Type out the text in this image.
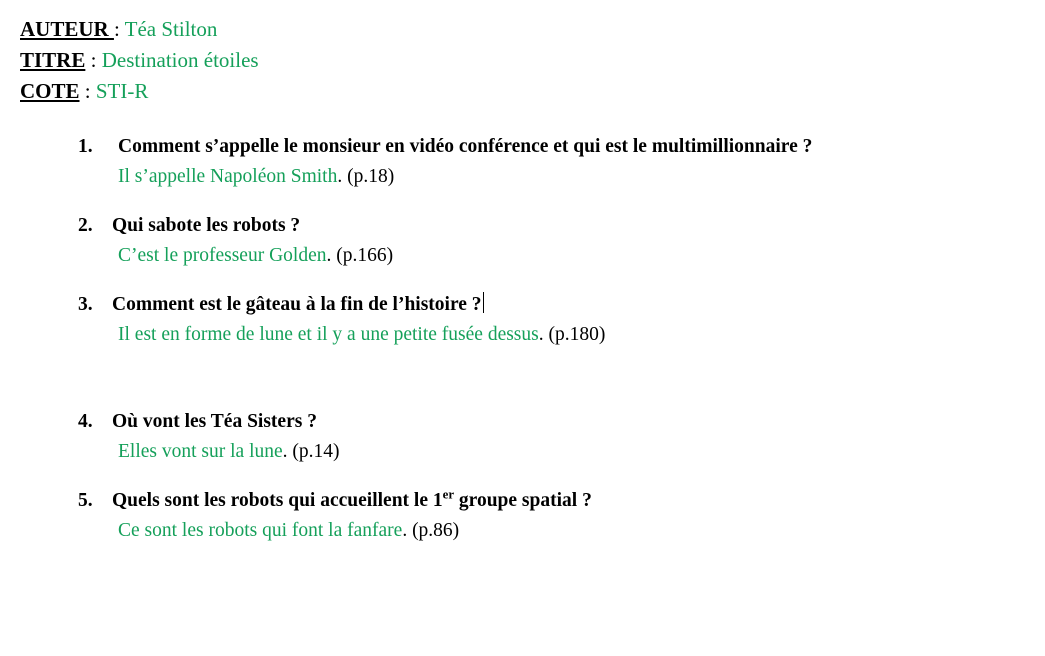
AUTEUR : Téa Stilton
TITRE : Destination étoiles
COTE : STI-R
1.	Comment s’appelle le monsieur en vidéo conférence et qui est le multimillionnaire ?
Il s’appelle Napoléon Smith. (p.18)
2. Qui sabote les robots ?
C’est le professeur Golden. (p.166)
3. Comment est le gâteau à la fin de l’histoire ?
Il est en forme de lune et il y a une petite fusée dessus. (p.180)
4. Où vont les Téa Sisters ?
Elles vont sur la lune. (p.14)
5. Quels sont les robots qui accueillent le 1er groupe spatial ?
Ce sont les robots qui font la fanfare. (p.86)
